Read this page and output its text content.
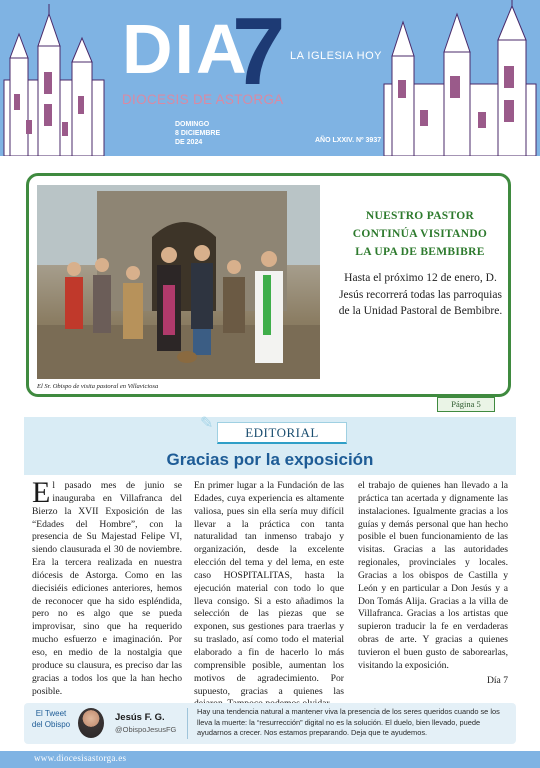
DIA
7 LA IGLESIA HOY
DIOCESIS DE ASTORGA
DOMINGO
8 DICIEMBRE
DE 2024	AÑO LXXIV. Nº 3937
El Sr. Obispo de visita pastoral en Villaviciosa
NUESTRO PASTOR
CONTINÚA VISITANDO
LA UPA DE BEMBIBRE
Hasta el próximo 12 de enero, D. Jesús recorrerá todas las parroquias de la Unidad Pastoral de Bembibre.
Página 5
✎
EDITORIAL
Gracias por la exposición
El pasado mes de junio se inauguraba en Villafranca del Bierzo la XVII Exposición de las “Edades del Hombre”, con la presencia de Su Majestad Felipe VI, siendo clausurada el 30 de noviembre. Era la tercera realizada en nuestra diócesis de Astorga. Como en las diecisiéis ediciones anteriores, hemos de reconocer que ha sido espléndida, pero no es algo que se pueda improvisar, sino que ha requerido mucho esfuerzo e imaginación. Por eso, en medio de la nostalgia que produce su clausura, es preciso dar las gracias a todos los que la han hecho posible.
En primer lugar a la Fundación de las Edades, cuya experiencia es altamente valiosa, pues sin ella sería muy difícil llevar a la práctica con tanta naturalidad tan inmenso trabajo y organización, desde la excelente elección del tema y del lema, en este caso HOSPITALITAS, hasta la ejecución material con todo lo que lleva consigo. Si a esto añadimos la selección de las piezas que se exponen, sus gestiones para traerlas y su traslado, así como todo el material elaborado a fin de hacerlo lo más comprensible posible, aumentan los motivos de agradecimiento. Por supuesto, gracias a quienes las
el trabajo de quienes han llevado a la práctica tan acertada y dignamente las instalaciones. Igualmente gracias a los guías y demás personal que han hecho posible el buen funcionamiento de las visitas. Gracias a las autoridades regionales, provinciales y locales. Gracias a los obispos de Castilla y León y en particular a Don Jesús y a Don Tomás Alija. Gracias a la villa de Villafranca. Gracias a los artistas que supieron traducir la fe en verdaderas obras de arte. Y gracias a quienes tuvieron el buen gusto de saborearlas, visitando la exposición.
Día 7
El Tweet
del Obispo
Jesús F. G.
@ObispoJesusFG
Hay una tendencia natural a mantener viva la presencia de los seres queridos cuando se los lleva la muerte: la “resurrección” digital no es la solución. El duelo, bien llevado, puede ayudarnos a crecer. Nos estamos preparando. Deja que te ayudemos.
www.diocesisastorga.es
